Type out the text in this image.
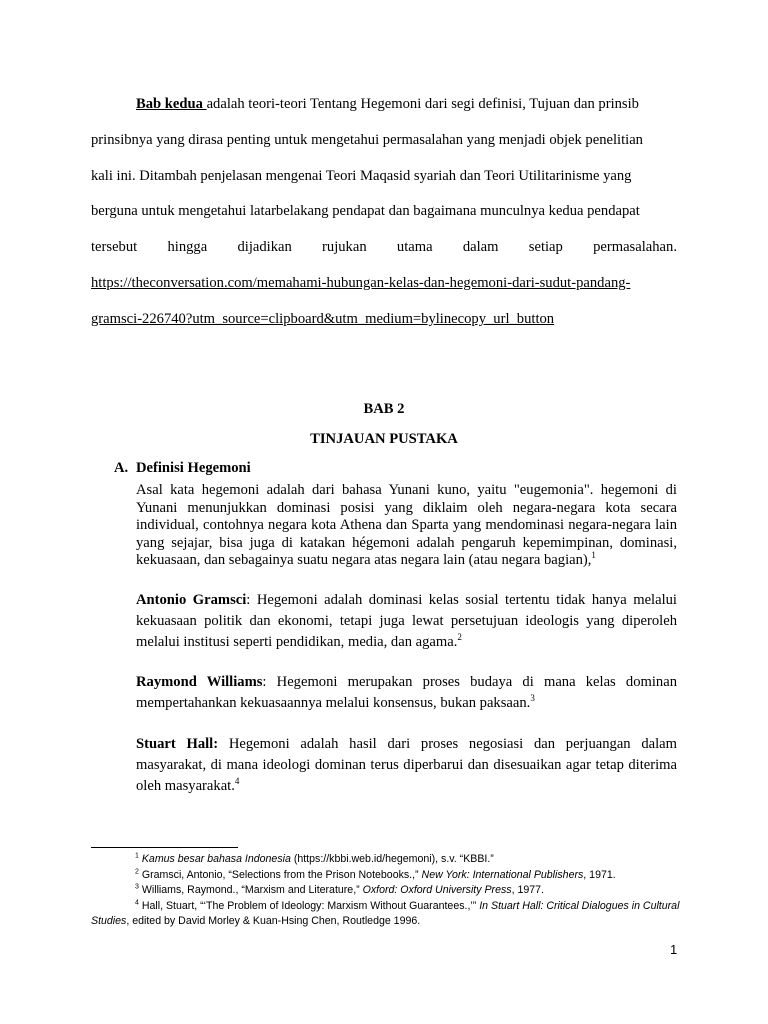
Bab kedua adalah teori-teori Tentang Hegemoni dari segi definisi, Tujuan dan prinsib
prinsibnya yang dirasa penting untuk mengetahui permasalahan yang menjadi objek penelitian
kali ini. Ditambah penjelasan mengenai Teori Maqasid syariah dan Teori Utilitarinisme yang
berguna untuk mengetahui latarbelakang pendapat dan bagaimana munculnya kedua pendapat
tersebut hingga dijadikan rujukan utama dalam setiap permasalahan.
https://theconversation.com/memahami-hubungan-kelas-dan-hegemoni-dari-sudut-pandang-
gramsci-226740?utm_source=clipboard&utm_medium=bylinecopy_url_button
BAB 2
TINJAUAN PUSTAKA
A. Definisi Hegemoni
Asal kata hegemoni adalah dari bahasa Yunani kuno, yaitu "eugemonia". hegemoni di Yunani menunjukkan dominasi posisi yang diklaim oleh negara-negara kota secara individual, contohnya negara kota Athena dan Sparta yang mendominasi negara-negara lain yang sejajar, bisa juga di katakan hégemoni adalah pengaruh kepemimpinan, dominasi, kekuasaan, dan sebagainya suatu negara atas negara lain (atau negara bagian),$^1$
Antonio Gramsci: Hegemoni adalah dominasi kelas sosial tertentu tidak hanya melalui kekuasaan politik dan ekonomi, tetapi juga lewat persetujuan ideologis yang diperoleh melalui institusi seperti pendidikan, media, dan agama.$^2$
Raymond Williams: Hegemoni merupakan proses budaya di mana kelas dominan mempertahankan kekuasaannya melalui konsensus, bukan paksaan.$^3$
Stuart Hall: Hegemoni adalah hasil dari proses negosiasi dan perjuangan dalam masyarakat, di mana ideologi dominan terus diperbarui dan disesuaikan agar tetap diterima oleh masyarakat.$^4$
$^1$ Kamus besar bahasa Indonesia (https://kbbi.web.id/hegemoni), s.v. “KBBI.”
$^2$ Gramsci, Antonio, “Selections from the Prison Notebooks.,” New York: International Publishers, 1971.
$^3$ Williams, Raymond., “Marxism and Literature,” Oxford: Oxford University Press, 1977.
$^4$ Hall, Stuart, “‘The Problem of Ideology: Marxism Without Guarantees.,’” In Stuart Hall: Critical Dialogues in Cultural Studies, edited by David Morley & Kuan-Hsing Chen, Routledge 1996.
1
